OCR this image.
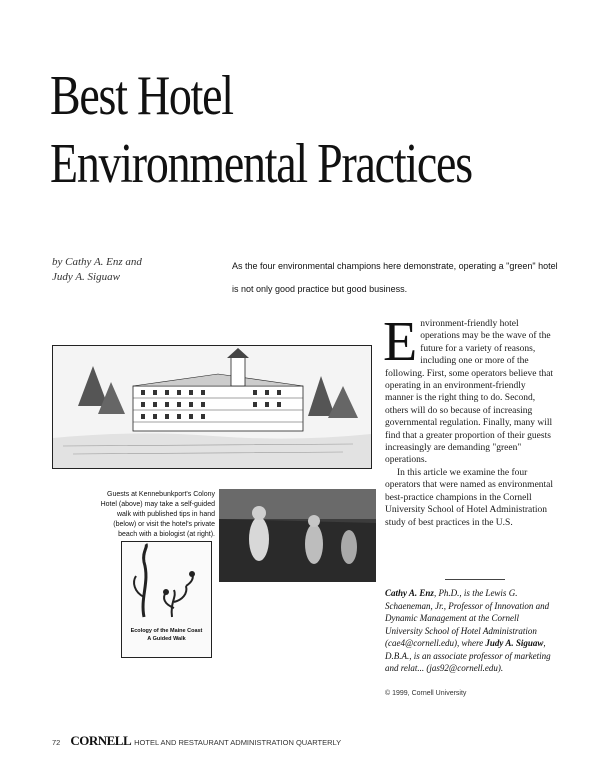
Best Hotel
Environmental Practices
by Cathy A. Enz and
Judy A. Siguaw
As the four environmental champions here demonstrate, operating a "green" hotel
is not only good practice but good business.
Guests at Kennebunkport's Colony Hotel (above) may take a self-guided walk with published tips in hand (below) or visit the hotel's private beach with a biologist (at right).
Ecology of the Maine Coast
A Guided Walk
E nvironment-friendly hotel operations may be the wave of the future for a variety of reasons, including one or more of the following. First, some operators believe that operating in an environment-friendly manner is the right thing to do. Second, others will do so because of increasing governmental regulation. Finally, many will find that a greater proportion of their guests increasingly are demanding "green" operations.

In this article we examine the four operators that were named as environmental best-practice champions in the Cornell University School of Hotel Administration study of best practices in the U.S.

Cathy A. Enz, Ph.D., is the Lewis G. Schaeneman, Jr., Professor of Innovation and Dynamic Management at the Cornell University School of Hotel Administration (cae4@cornell.edu), where Judy A. Siguaw, D.B.A., is an associate professor of marketing and relat... (jas92@cornell.edu).
© 1999, Cornell University
72 CORNELL HOTEL AND RESTAURANT ADMINISTRATION QUARTERLY
